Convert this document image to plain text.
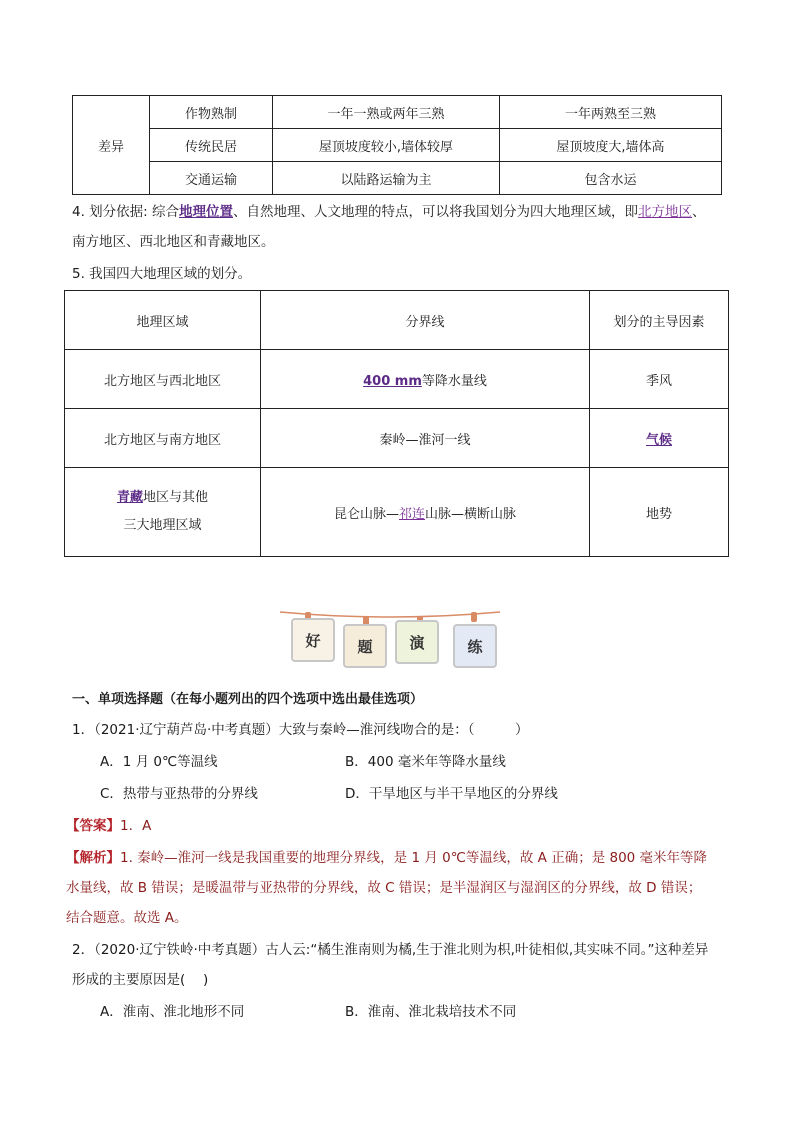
差异	作物熟制	一年一熟或两年三熟	一年两熟至三熟
	传统民居	屋顶坡度较小,墙体较厚	屋顶坡度大,墙体高
	交通运输	以陆路运输为主	包含水运
4. 划分依据: 综合地理位置、自然地理、人文地理的特点，可以将我国划分为四大地理区域，即北方地区、
南方地区、西北地区和青藏地区。
5. 我国四大地理区域的划分。
地理区域	分界线	划分的主导因素
北方地区与西北地区	400 mm等降水量线	季风
北方地区与南方地区	秦岭—淮河一线	气候

青藏地区与其他
三大地理区域	昆仑山脉—祁连山脉—横断山脉	地势
好	题	演	练
一、单项选择题（在每小题列出的四个选项中选出最佳选项）
1．（2021·辽宁葫芦岛·中考真题）大致与秦岭—淮河线吻合的是：（　　　）
A．1 月 0℃等温线	B．400 毫米年等降水量线
C．热带与亚热带的分界线	D．干旱地区与半干旱地区的分界线
【答案】1．A
【解析】1. 秦岭—淮河一线是我国重要的地理分界线，是 1 月 0℃等温线，故 A 正确；是 800 毫米年等降
水量线，故 B 错误；是暖温带与亚热带的分界线，故 C 错误；是半湿润区与湿润区的分界线，故 D 错误；
结合题意。故选 A。
2．（2020·辽宁铁岭·中考真题）古人云:“橘生淮南则为橘,生于淮北则为枳,叶徒相似,其实味不同。”这种差异
形成的主要原因是(　 )
A．淮南、淮北地形不同	B．淮南、淮北栽培技术不同
